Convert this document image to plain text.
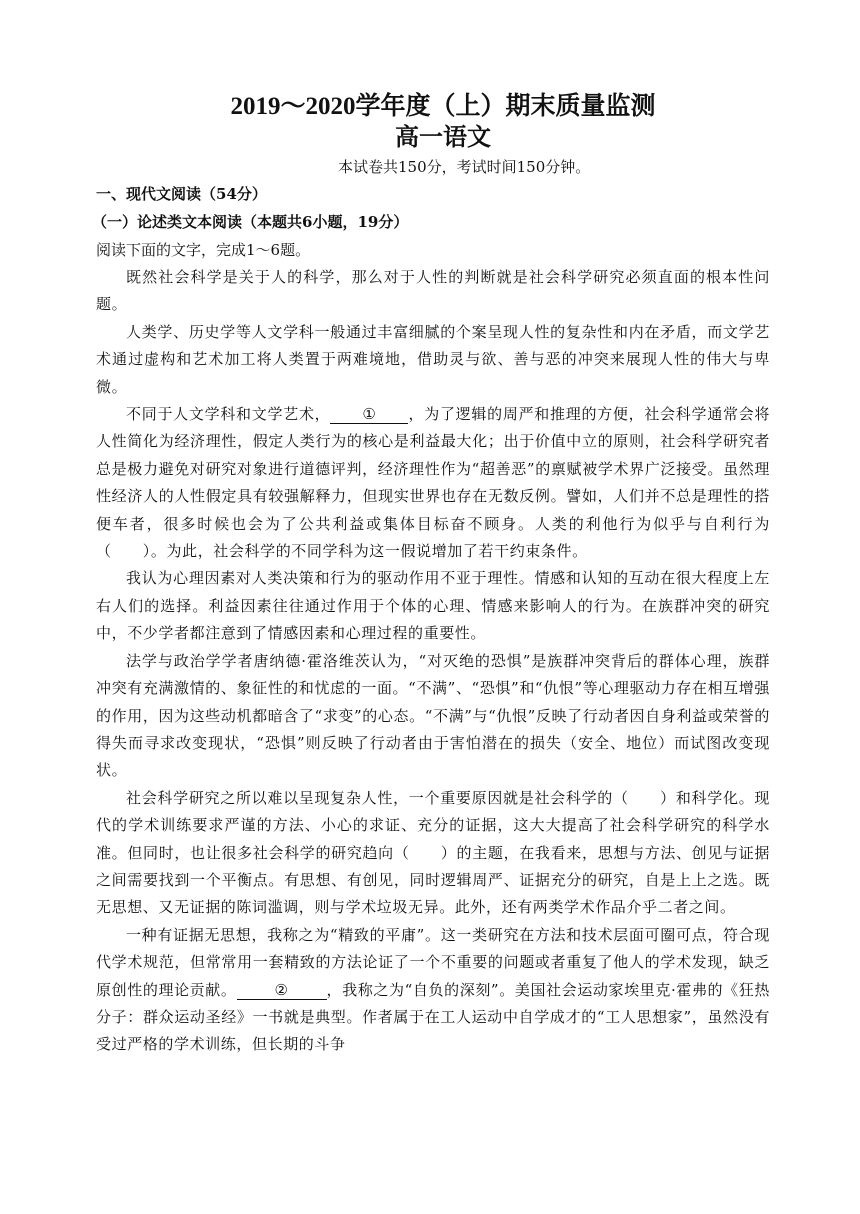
2019～2020学年度（上）期末质量监测
高一语文

本试卷共150分，考试时间150分钟。

一、现代文阅读（54分）

（一）论述类文本阅读（本题共6小题，19分）

阅读下面的文字，完成1～6题。

既然社会科学是关于人的科学，那么对于人性的判断就是社会科学研究必须直面的根本性问题。

人类学、历史学等人文学科一般通过丰富细腻的个案呈现人性的复杂性和内在矛盾，而文学艺术通过虚构和艺术加工将人类置于两难境地，借助灵与欲、善与恶的冲突来展现人性的伟大与卑微。

不同于人文学科和文学艺术， ① ，为了逻辑的周严和推理的方便，社会科学通常会将人性简化为经济理性，假定人类行为的核心是利益最大化；出于价值中立的原则，社会科学研究者总是极力避免对研究对象进行道德评判，经济理性作为“超善恶”的禀赋被学术界广泛接受。虽然理性经济人的人性假定具有较强解释力，但现实世界也存在无数反例。譬如，人们并不总是理性的搭便车者，很多时候也会为了公共利益或集体目标奋不顾身。人类的利他行为似乎与自利行为（　　）。为此，社会科学的不同学科为这一假说增加了若干约束条件。

我认为心理因素对人类决策和行为的驱动作用不亚于理性。情感和认知的互动在很大程度上左右人们的选择。利益因素往往通过作用于个体的心理、情感来影响人的行为。在族群冲突的研究中，不少学者都注意到了情感因素和心理过程的重要性。

法学与政治学学者唐纳德·霍洛维茨认为，“对灭绝的恐惧”是族群冲突背后的群体心理，族群冲突有充满激情的、象征性的和忧虑的一面。“不满”、“恐惧”和“仇恨”等心理驱动力存在相互增强的作用，因为这些动机都暗含了“求变”的心态。“不满”与“仇恨”反映了行动者因自身利益或荣誉的得失而寻求改变现状，“恐惧”则反映了行动者由于害怕潜在的损失（安全、地位）而试图改变现状。

社会科学研究之所以难以呈现复杂人性，一个重要原因就是社会科学的（　　）和科学化。现代的学术训练要求严谨的方法、小心的求证、充分的证据，这大大提高了社会科学研究的科学水准。但同时，也让很多社会科学的研究趋向（　　）的主题，在我看来，思想与方法、创见与证据之间需要找到一个平衡点。有思想、有创见，同时逻辑周严、证据充分的研究，自是上上之选。既无思想、又无证据的陈词滥调，则与学术垃圾无异。此外，还有两类学术作品介乎二者之间。

一种有证据无思想，我称之为“精致的平庸”。这一类研究在方法和技术层面可圈可点，符合现代学术规范，但常常用一套精致的方法论证了一个不重要的问题或者重复了他人的学术发现，缺乏原创性的理论贡献。	②	，我称之为“自负的深刻”。美国社会运动家埃里克·霍弗的《狂热分子：群众运动圣经》一书就是典型。作者属于在工人运动中自学成才的“工人思想家”，虽然没有受过严格的学术训练，但长期的斗争
